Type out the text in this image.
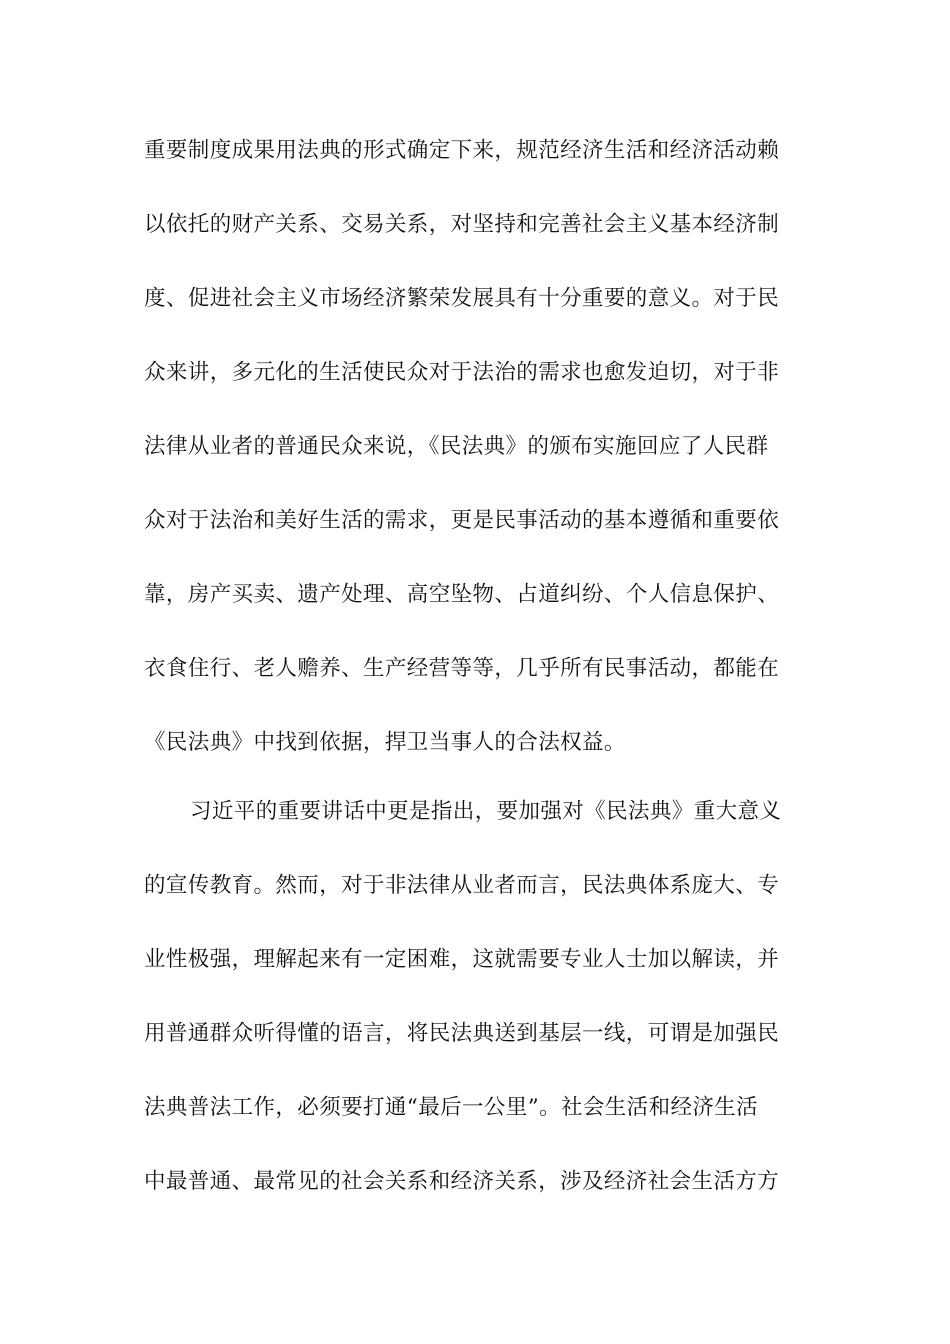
重要制度成果用法典的形式确定下来，规范经济生活和经济活动赖
以依托的财产关系、交易关系，对坚持和完善社会主义基本经济制
度、促进社会主义市场经济繁荣发展具有十分重要的意义。对于民
众来讲，多元化的生活使民众对于法治的需求也愈发迫切，对于非
法律从业者的普通民众来说，《民法典》的颁布实施回应了人民群
众对于法治和美好生活的需求，更是民事活动的基本遵循和重要依
靠，房产买卖、遗产处理、高空坠物、占道纠纷、个人信息保护、
衣食住行、老人赡养、生产经营等等，几乎所有民事活动，都能在
《民法典》中找到依据，捍卫当事人的合法权益。
习近平的重要讲话中更是指出，要加强对《民法典》重大意义
的宣传教育。然而，对于非法律从业者而言，民法典体系庞大、专
业性极强，理解起来有一定困难，这就需要专业人士加以解读，并
用普通群众听得懂的语言，将民法典送到基层一线，可谓是加强民
法典普法工作，必须要打通“最后一公里”。社会生活和经济生活
中最普通、最常见的社会关系和经济关系，涉及经济社会生活方方
